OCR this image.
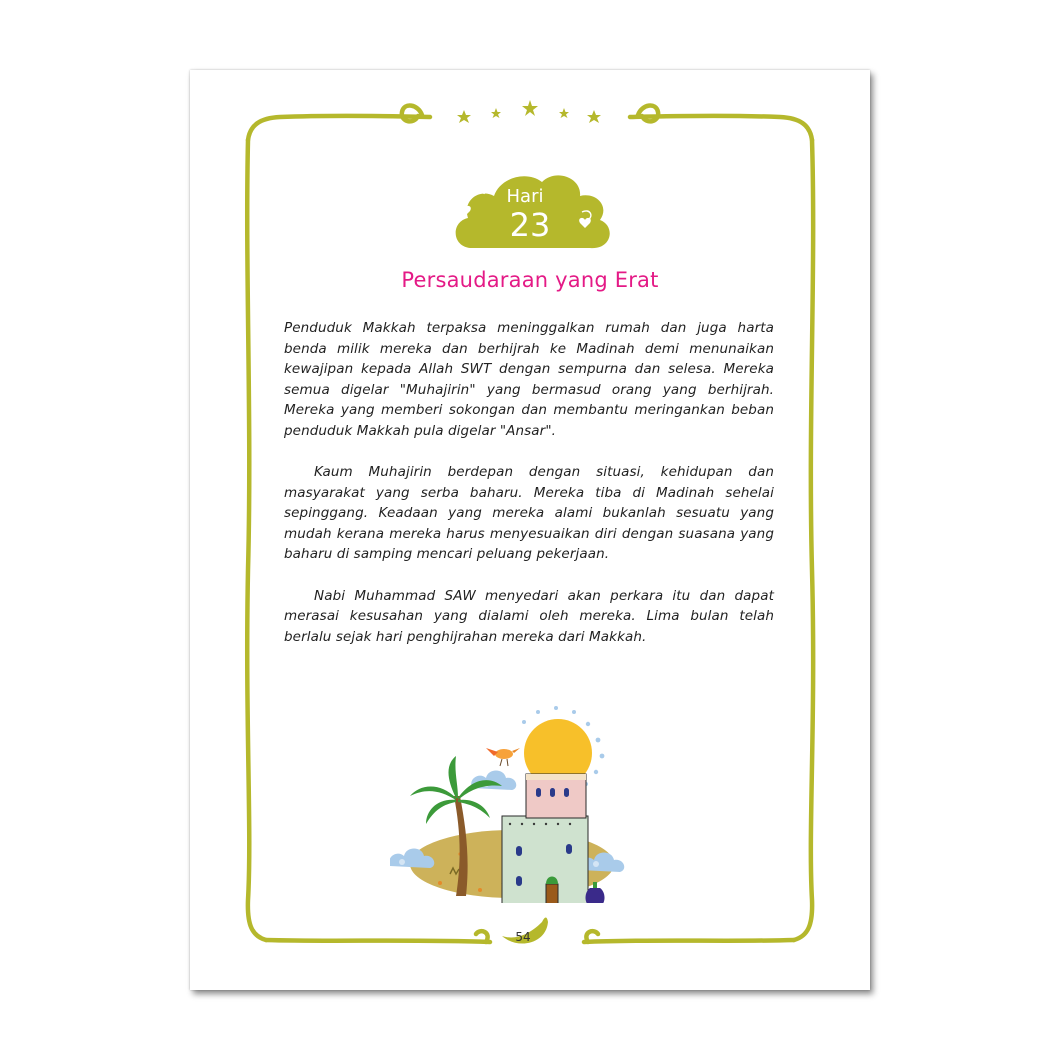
Hari
23
Persaudaraan yang Erat

Penduduk Makkah terpaksa meninggalkan rumah dan juga harta benda milik mereka dan berhijrah ke Madinah demi menunaikan kewajipan kepada Allah SWT dengan sempurna dan selesa. Mereka semua digelar "Muhajirin" yang bermasud orang yang berhijrah. Mereka yang memberi sokongan dan membantu meringankan beban penduduk Makkah pula digelar "Ansar".

Kaum Muhajirin berdepan dengan situasi, kehidupan dan masyarakat yang serba baharu. Mereka tiba di Madinah sehelai sepinggang. Keadaan yang mereka alami bukanlah sesuatu yang mudah kerana mereka harus menyesuaikan diri dengan suasana yang baharu di samping mencari peluang pekerjaan.

Nabi Muhammad SAW menyedari akan perkara itu dan dapat merasai kesusahan yang dialami oleh mereka. Lima bulan telah berlalu sejak hari penghijrahan mereka dari Makkah.

54
